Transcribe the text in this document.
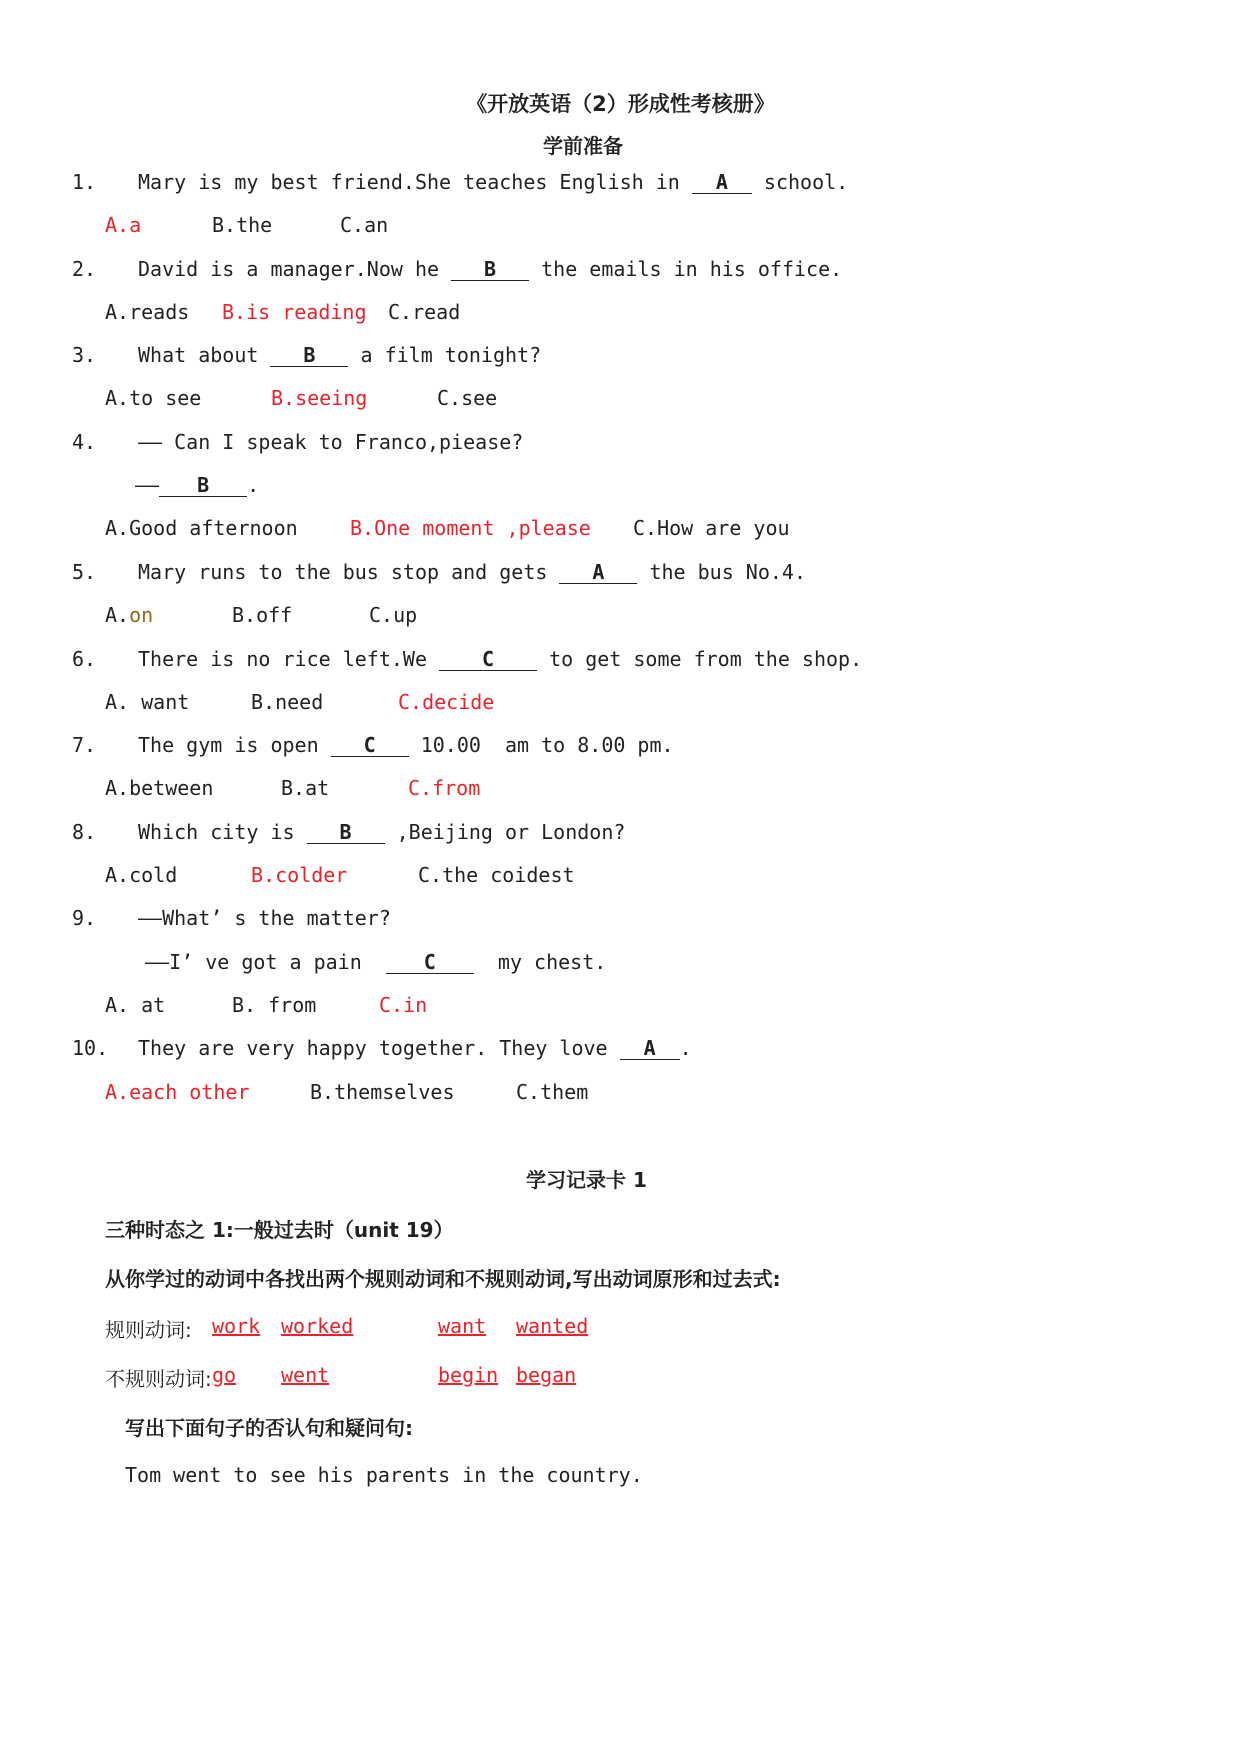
《开放英语（2）形成性考核册》
学前准备
1. Mary is my best friend.She teaches English in A school.
A.a	B.the	C.an
2. David is a manager.Now he B the emails in his office.
A.reads B.is reading C.read
3. What about B a film tonight?
A.to see	B.seeing	C.see
4. —— Can I speak to Franco,piease?
—— B .
A.Good afternoon	B.One moment ,please C.How are you
5. Mary runs to the bus stop and gets A the bus No.4.
A.on	B.off	C.up
6. There is no rice left.We C to get some from the shop.
A. want	B.need	C.decide
7. The gym is open C 10.00  am to 8.00 pm.
A.between	B.at	C.from
8. Which city is B ,Beijing or London?
A.cold	B.colder	C.the coidest
9. ——What’ s the matter?
——I’ ve got a pain  C  my chest.
A. at	B. from	C.in
10. They are very happy together. They love A .
A.each other	B.themselves	C.them
学习记录卡 1
三种时态之 1:一般过去时（unit 19）
从你学过的动词中各找出两个规则动词和不规则动词,写出动词原形和过去式:
规则动词: work worked	want wanted
不规则动词: go went	begin began
写出下面句子的否认句和疑问句:
Tom went to see his parents in the country.
